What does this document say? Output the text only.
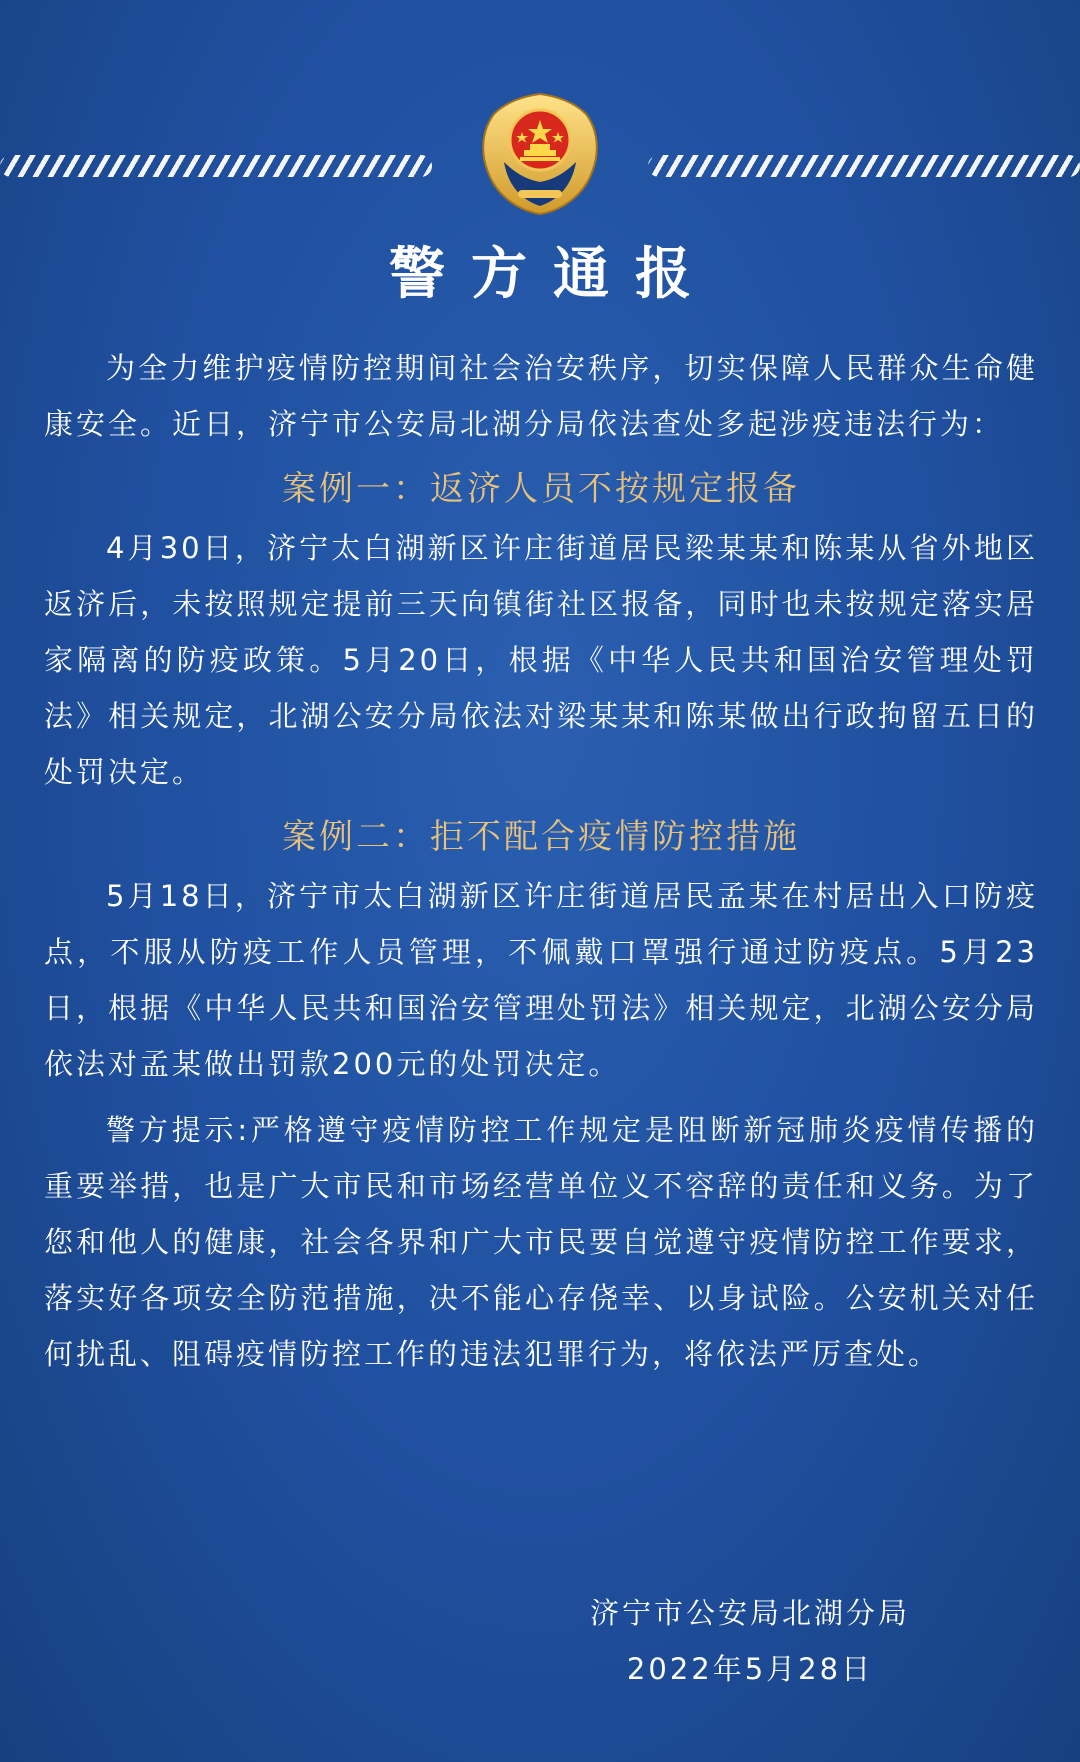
警方通报

为全力维护疫情防控期间社会治安秩序，切实保障人民群众生命健康安全。近日，济宁市公安局北湖分局依法查处多起涉疫违法行为：

案例一：返济人员不按规定报备

4月30日，济宁太白湖新区许庄街道居民梁某某和陈某从省外地区返济后，未按照规定提前三天向镇街社区报备，同时也未按规定落实居家隔离的防疫政策。5月20日，根据《中华人民共和国治安管理处罚法》相关规定，北湖公安分局依法对梁某某和陈某做出行政拘留五日的处罚决定。

案例二：拒不配合疫情防控措施

5月18日，济宁市太白湖新区许庄街道居民孟某在村居出入口防疫点，不服从防疫工作人员管理，不佩戴口罩强行通过防疫点。5月23日，根据《中华人民共和国治安管理处罚法》相关规定，北湖公安分局依法对孟某做出罚款200元的处罚决定。

警方提示:严格遵守疫情防控工作规定是阻断新冠肺炎疫情传播的重要举措，也是广大市民和市场经营单位义不容辞的责任和义务。为了您和他人的健康，社会各界和广大市民要自觉遵守疫情防控工作要求，落实好各项安全防范措施，决不能心存侥幸、以身试险。公安机关对任何扰乱、阻碍疫情防控工作的违法犯罪行为，将依法严厉查处。

济宁市公安局北湖分局
2022年5月28日
